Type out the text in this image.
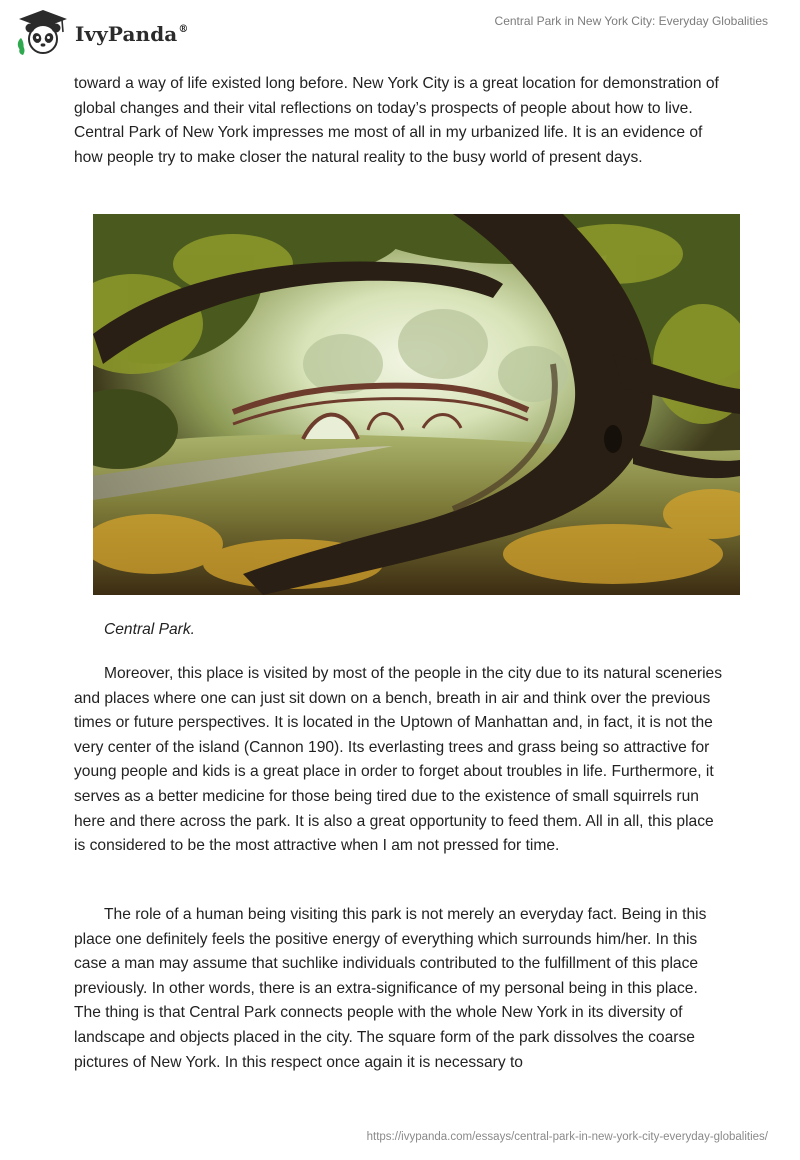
IvyPanda®
Central Park in New York City: Everyday Globalities

toward a way of life existed long before. New York City is a great location for demonstration of global changes and their vital reflections on today’s prospects of people about how to live. Central Park of New York impresses me most of all in my urbanized life. It is an evidence of how people try to make closer the natural reality to the busy world of present days.

Central Park.

Moreover, this place is visited by most of the people in the city due to its natural sceneries and places where one can just sit down on a bench, breath in air and think over the previous times or future perspectives. It is located in the Uptown of Manhattan and, in fact, it is not the very center of the island (Cannon 190). Its everlasting trees and grass being so attractive for young people and kids is a great place in order to forget about troubles in life. Furthermore, it serves as a better medicine for those being tired due to the existence of small squirrels run here and there across the park. It is also a great opportunity to feed them. All in all, this place is considered to be the most attractive when I am not pressed for time.

The role of a human being visiting this park is not merely an everyday fact. Being in this place one definitely feels the positive energy of everything which surrounds him/her. In this case a man may assume that suchlike individuals contributed to the fulfillment of this place previously. In other words, there is an extra-significance of my personal being in this place. The thing is that Central Park connects people with the whole New York in its diversity of landscape and objects placed in the city. The square form of the park dissolves the coarse pictures of New York. In this respect once again it is necessary to

https://ivypanda.com/essays/central-park-in-new-york-city-everyday-globalities/
